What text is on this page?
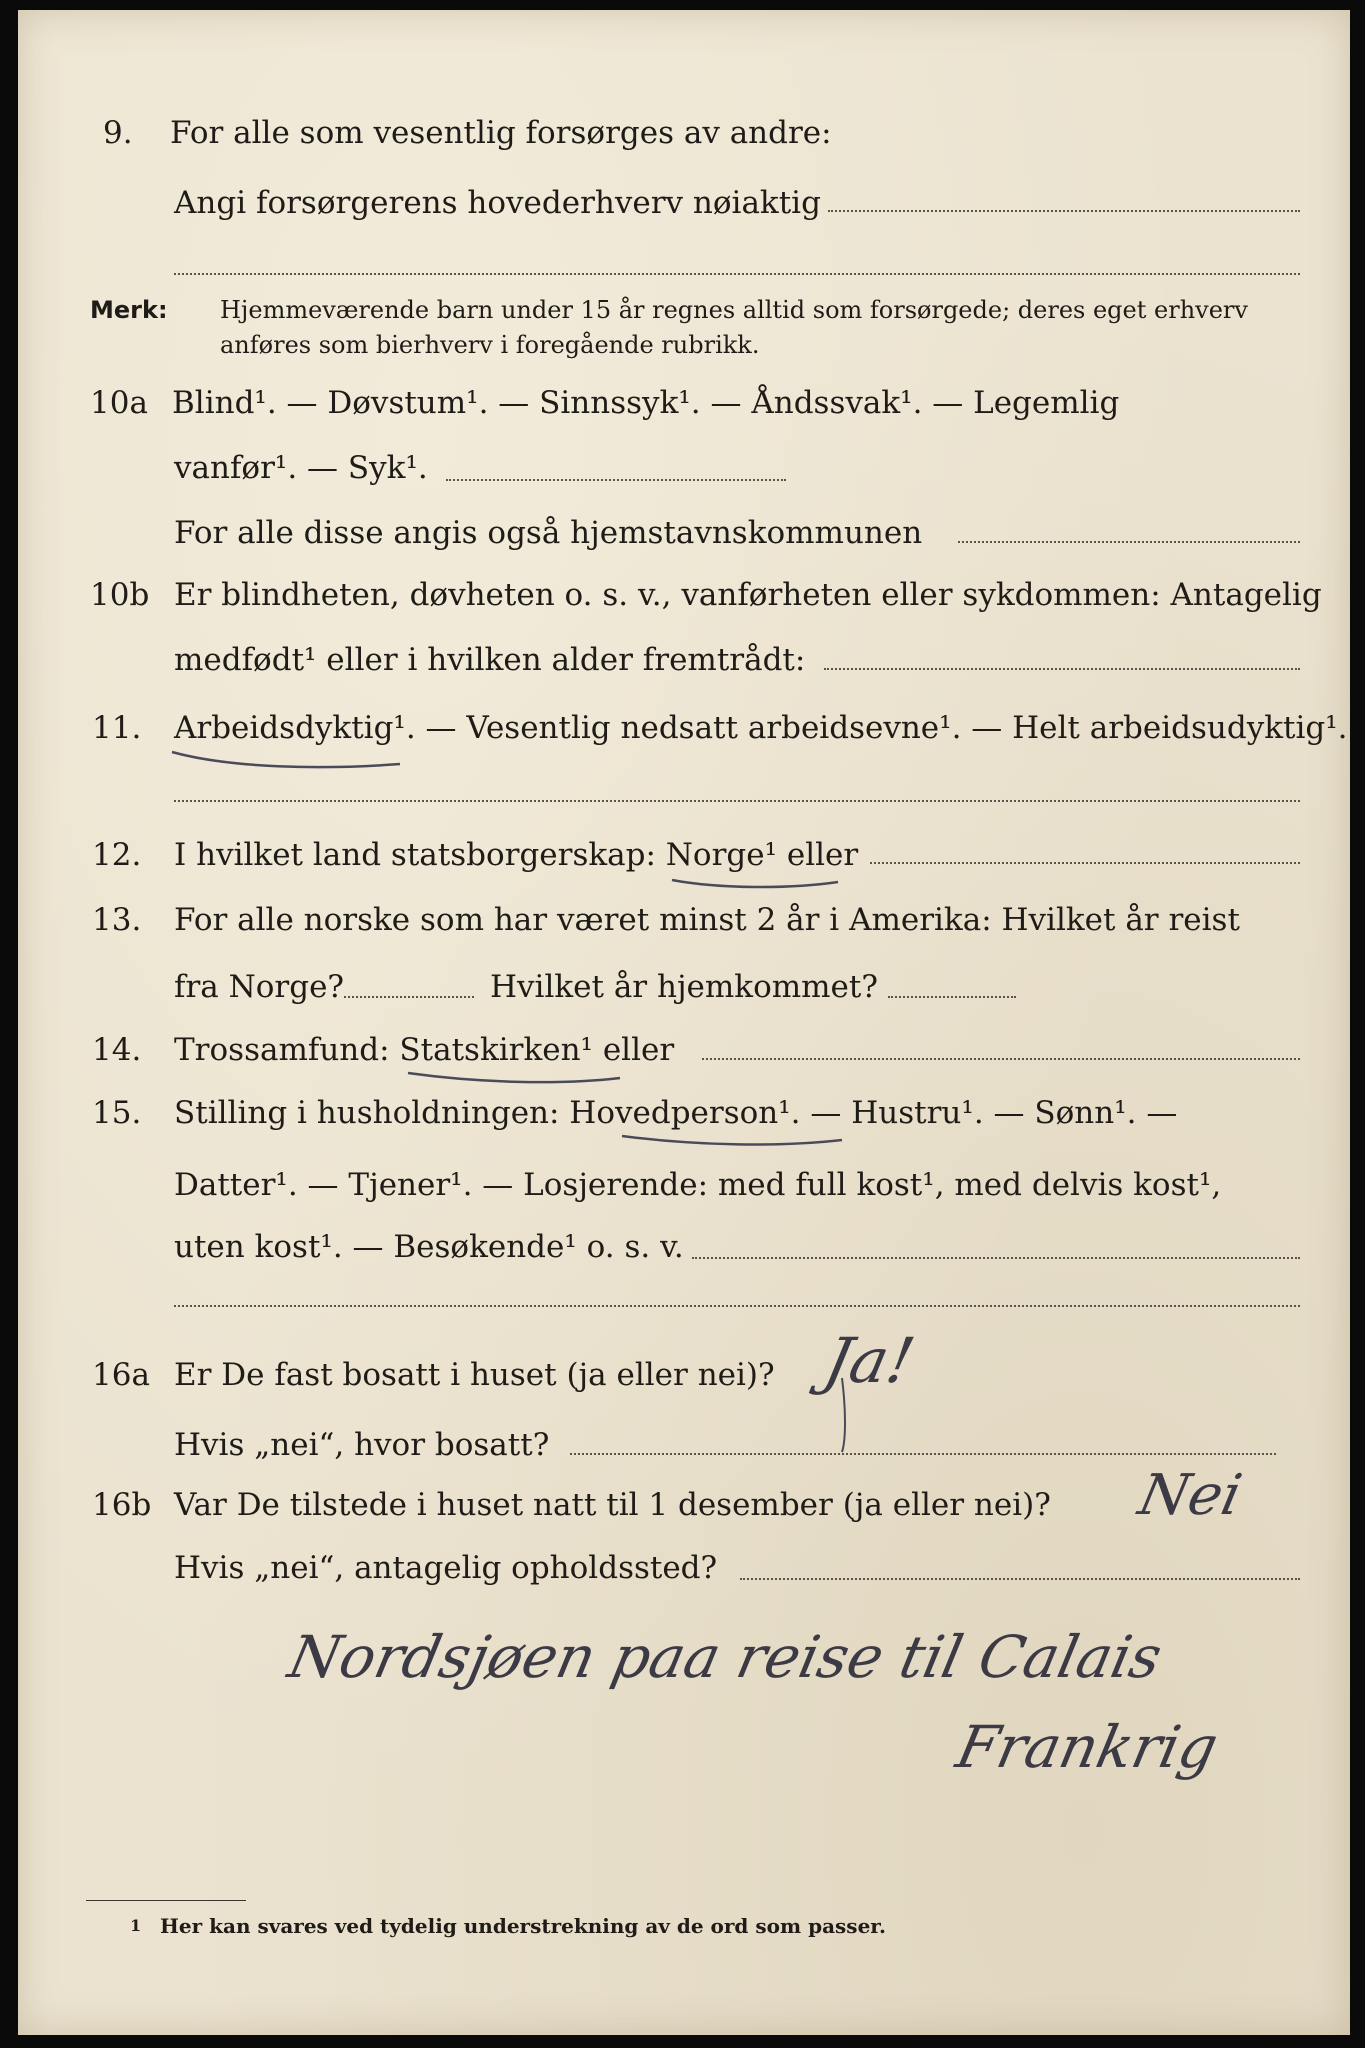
9. For alle som vesentlig forsørges av andre:
Angi forsørgerens hovederhverv nøiaktig
Merk: Hjemmeværende barn under 15 år regnes alltid som forsørgede; deres eget erhverv
anføres som bierhverv i foregående rubrikk.
10a Blind¹. — Døvstum¹. — Sinnssyk¹. — Åndssvak¹. — Legemlig
vanfør¹. — Syk¹.
For alle disse angis også hjemstavnskommunen
10b Er blindheten, døvheten o. s. v., vanførheten eller sykdommen: Antagelig
medfødt¹ eller i hvilken alder fremtrådt:
11. Arbeidsdyktig¹. — Vesentlig nedsatt arbeidsevne¹. — Helt arbeidsudyktig¹.
12. I hvilket land statsborgerskap: Norge¹ eller
13. For alle norske som har været minst 2 år i Amerika: Hvilket år reist
fra Norge?	Hvilket år hjemkommet?
14. Trossamfund: Statskirken¹ eller
15. Stilling i husholdningen: Hovedperson¹. — Hustru¹. — Sønn¹. —
Datter¹. — Tjener¹. — Losjerende: med full kost¹, med delvis kost¹,
uten kost¹. — Besøkende¹ o. s. v.
16a Er De fast bosatt i huset (ja eller nei)? Ja!
Hvis „nei“, hvor bosatt?
16b Var De tilstede i huset natt til 1 desember (ja eller nei)? Nei
Hvis „nei“, antagelig opholdssted?
Nordsjøen paa reise til Calais
Frankrig
1 Her kan svares ved tydelig understrekning av de ord som passer.
